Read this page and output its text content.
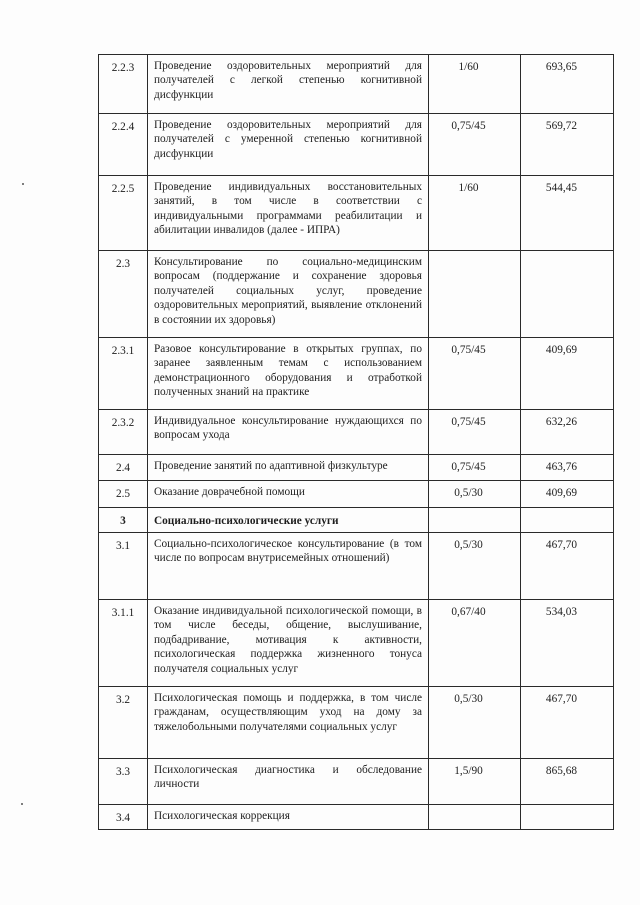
2.2.3	Проведение оздоровительных мероприятий для получателей с легкой степенью когнитивной дисфункции	1/60	693,65
2.2.4	Проведение оздоровительных мероприятий для получателей с умеренной степенью когнитивной дисфункции	0,75/45	569,72
2.2.5	Проведение индивидуальных восстановительных занятий, в том числе в соответствии с индивидуальными программами реабилитации и абилитации инвалидов (далее - ИПРА)	1/60	544,45
2.3	Консультирование по социально-медицинским вопросам (поддержание и сохранение здоровья получателей социальных услуг, проведение оздоровительных мероприятий, выявление отклонений в состоянии их здоровья)		
2.3.1	Разовое консультирование в открытых группах, по заранее заявленным темам с использованием демонстрационного оборудования и отработкой полученных знаний на практике	0,75/45	409,69
2.3.2	Индивидуальное консультирование нуждающихся по вопросам ухода	0,75/45	632,26
2.4	Проведение занятий по адаптивной физкультуре	0,75/45	463,76
2.5	Оказание доврачебной помощи	0,5/30	409,69
3	Социально-психологические услуги		
3.1	Социально-психологическое консультирование (в том числе по вопросам внутрисемейных отношений)	0,5/30	467,70
3.1.1	Оказание индивидуальной психологической помощи, в том числе беседы, общение, выслушивание, подбадривание, мотивация к активности, психологическая поддержка жизненного тонуса получателя социальных услуг	0,67/40	534,03
3.2	Психологическая помощь и поддержка, в том числе гражданам, осуществляющим уход на дому за тяжелобольными получателями социальных услуг	0,5/30	467,70
3.3	Психологическая диагностика и обследование личности	1,5/90	865,68
3.4	Психологическая коррекция		
